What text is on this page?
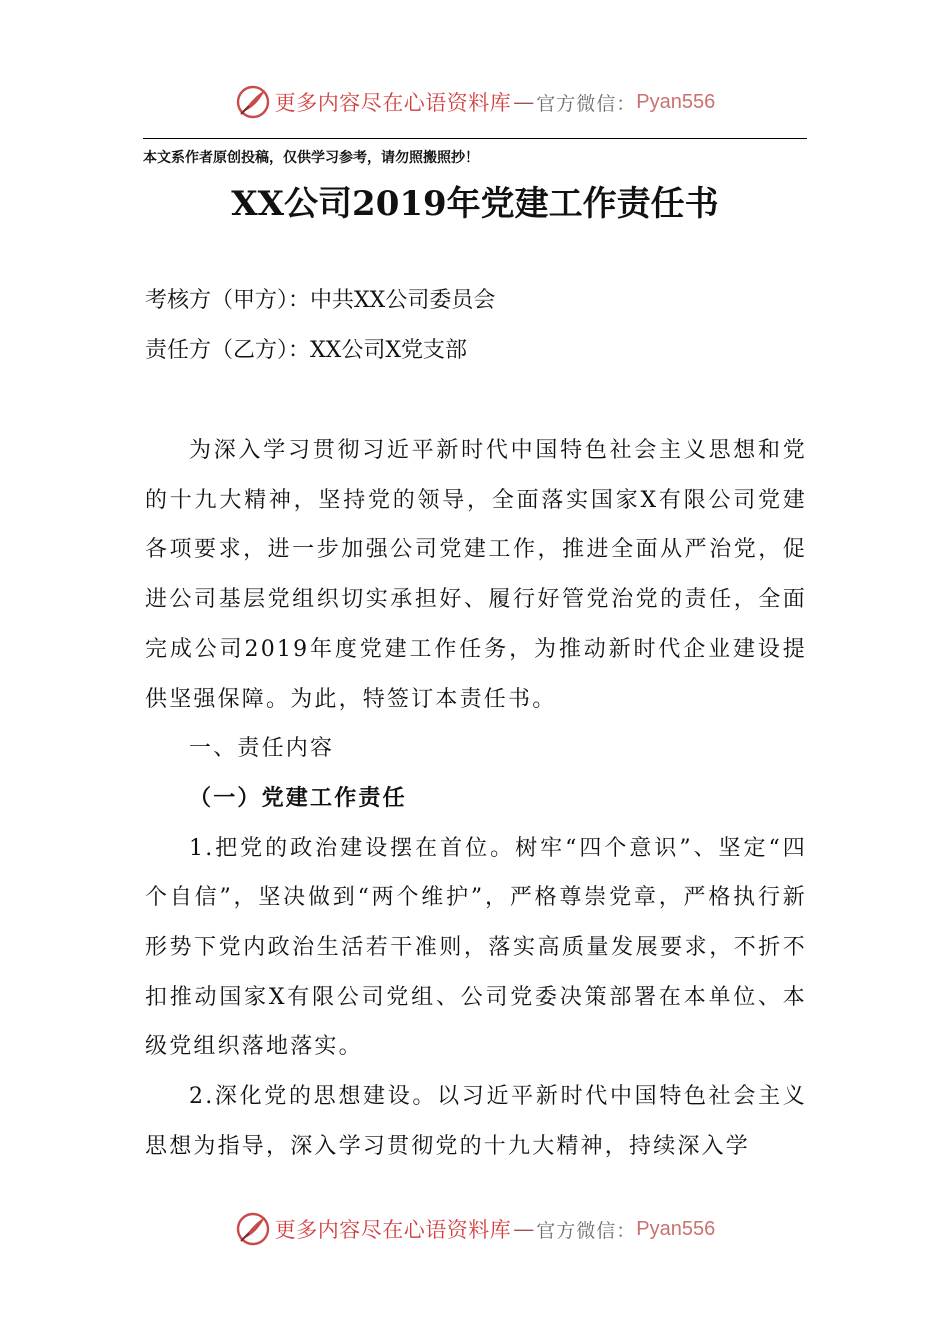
更多内容尽在心语资料库 — 官方微信： Pyan556
本文系作者原创投稿，仅供学习参考，请勿照搬照抄！
XX公司2019年党建工作责任书
考核方（甲方）：中共XX公司委员会
责任方（乙方）：XX公司X党支部

为深入学习贯彻习近平新时代中国特色社会主义思想和党的十九大精神，坚持党的领导，全面落实国家X有限公司党建各项要求，进一步加强公司党建工作，推进全面从严治党，促进公司基层党组织切实承担好、履行好管党治党的责任，全面完成公司2019年度党建工作任务，为推动新时代企业建设提供坚强保障。为此，特签订本责任书。

一、责任内容

（一）党建工作责任

1.把党的政治建设摆在首位。树牢“四个意识”、坚定“四个自信”，坚决做到“两个维护”，严格尊崇党章，严格执行新形势下党内政治生活若干准则，落实高质量发展要求，不折不扣推动国家X有限公司党组、公司党委决策部署在本单位、本级党组织落地落实。

2.深化党的思想建设。以习近平新时代中国特色社会主义思想为指导，深入学习贯彻党的十九大精神，持续深入学

更多内容尽在心语资料库 — 官方微信： Pyan556
